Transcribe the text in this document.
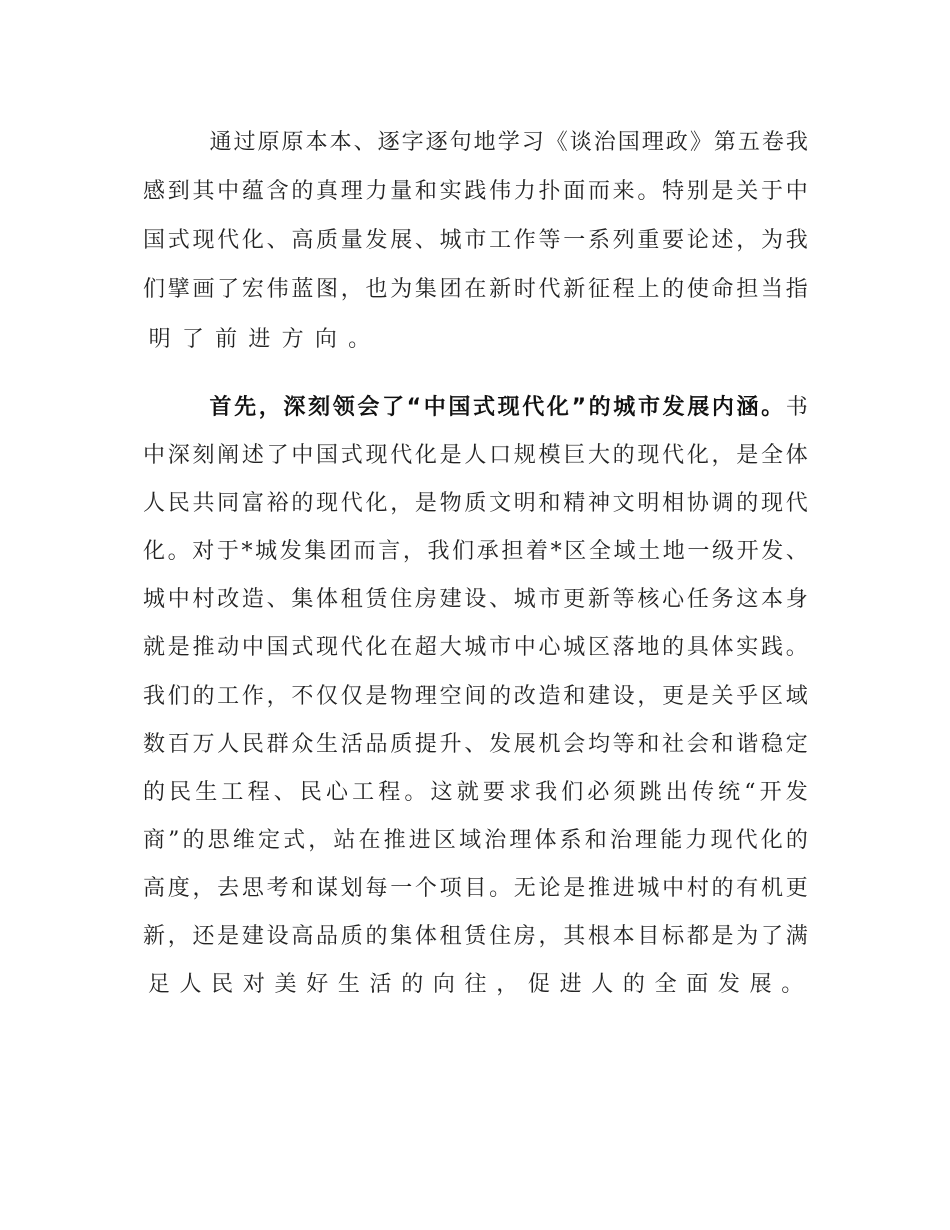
通 过 原 原 本 本 、 逐 字 逐 句 地 学 习 《 谈 治 国 理 政 》 第 五 卷 我
感 到 其 中 蕴 含 的 真 理 力 量 和 实 践 伟 力 扑 面 而 来 。 特 别 是 关 于 中
国 式 现 代 化 、 高 质 量 发 展 、 城 市 工 作 等 一 系 列 重 要 论 述 ， 为 我
们 擘 画 了 宏 伟 蓝 图 ， 也 为 集 团 在 新 时 代 新 征 程 上 的 使 命 担 当 指
明 了 前 进 方 向 。
首 先 ， 深 刻 领 会 了 “ 中 国 式 现 代 化 ” 的 城 市 发 展 内 涵 。 书
中 深 刻 阐 述 了 中 国 式 现 代 化 是 人 口 规 模 巨 大 的 现 代 化 ， 是 全 体
人 民 共 同 富 裕 的 现 代 化 ， 是 物 质 文 明 和 精 神 文 明 相 协 调 的 现 代
化 。 对 于 * 城 发 集 团 而 言 ， 我 们 承 担 着 * 区 全 域 土 地 一 级 开 发 、
城 中 村 改 造 、 集 体 租 赁 住 房 建 设 、 城 市 更 新 等 核 心 任 务 这 本 身
就 是 推 动 中 国 式 现 代 化 在 超 大 城 市 中 心 城 区 落 地 的 具 体 实 践 。
我 们 的 工 作 ， 不 仅 仅 是 物 理 空 间 的 改 造 和 建 设 ， 更 是 关 乎 区 域
数 百 万 人 民 群 众 生 活 品 质 提 升 、 发 展 机 会 均 等 和 社 会 和 谐 稳 定
的 民 生 工 程 、 民 心 工 程 。 这 就 要 求 我 们 必 须 跳 出 传 统 “ 开 发
商 ” 的 思 维 定 式 ， 站 在 推 进 区 域 治 理 体 系 和 治 理 能 力 现 代 化 的
高 度 ， 去 思 考 和 谋 划 每 一 个 项 目 。 无 论 是 推 进 城 中 村 的 有 机 更
新 ， 还 是 建 设 高 品 质 的 集 体 租 赁 住 房 ， 其 根 本 目 标 都 是 为 了 满
足 人 民 对 美 好 生 活 的 向 往 ， 促 进 人 的 全 面 发 展 。
